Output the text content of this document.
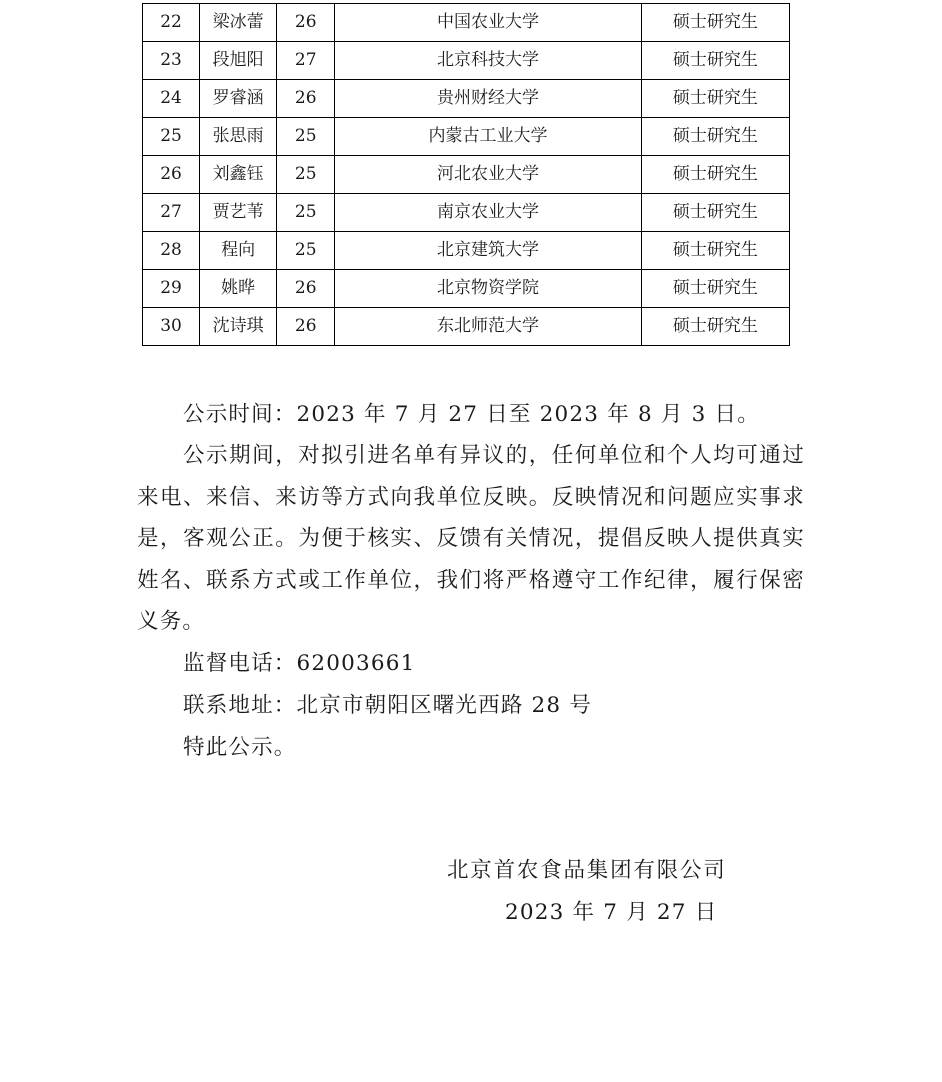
22	梁冰蕾	26	中国农业大学	硕士研究生
23	段旭阳	27	北京科技大学	硕士研究生
24	罗睿涵	26	贵州财经大学	硕士研究生
25	张思雨	25	内蒙古工业大学	硕士研究生
26	刘鑫钰	25	河北农业大学	硕士研究生
27	贾艺苇	25	南京农业大学	硕士研究生
28	程向	25	北京建筑大学	硕士研究生
29	姚晔	26	北京物资学院	硕士研究生
30	沈诗琪	26	东北师范大学	硕士研究生

公示时间：2023 年 7 月 27 日至 2023 年 8 月 3 日。

公示期间，对拟引进名单有异议的，任何单位和个人均可通过来电、来信、来访等方式向我单位反映。反映情况和问题应实事求是，客观公正。为便于核实、反馈有关情况，提倡反映人提供真实姓名、联系方式或工作单位，我们将严格遵守工作纪律，履行保密义务。

监督电话：62003661

联系地址：北京市朝阳区曙光西路 28 号

特此公示。

北京首农食品集团有限公司

2023 年 7 月 27 日
